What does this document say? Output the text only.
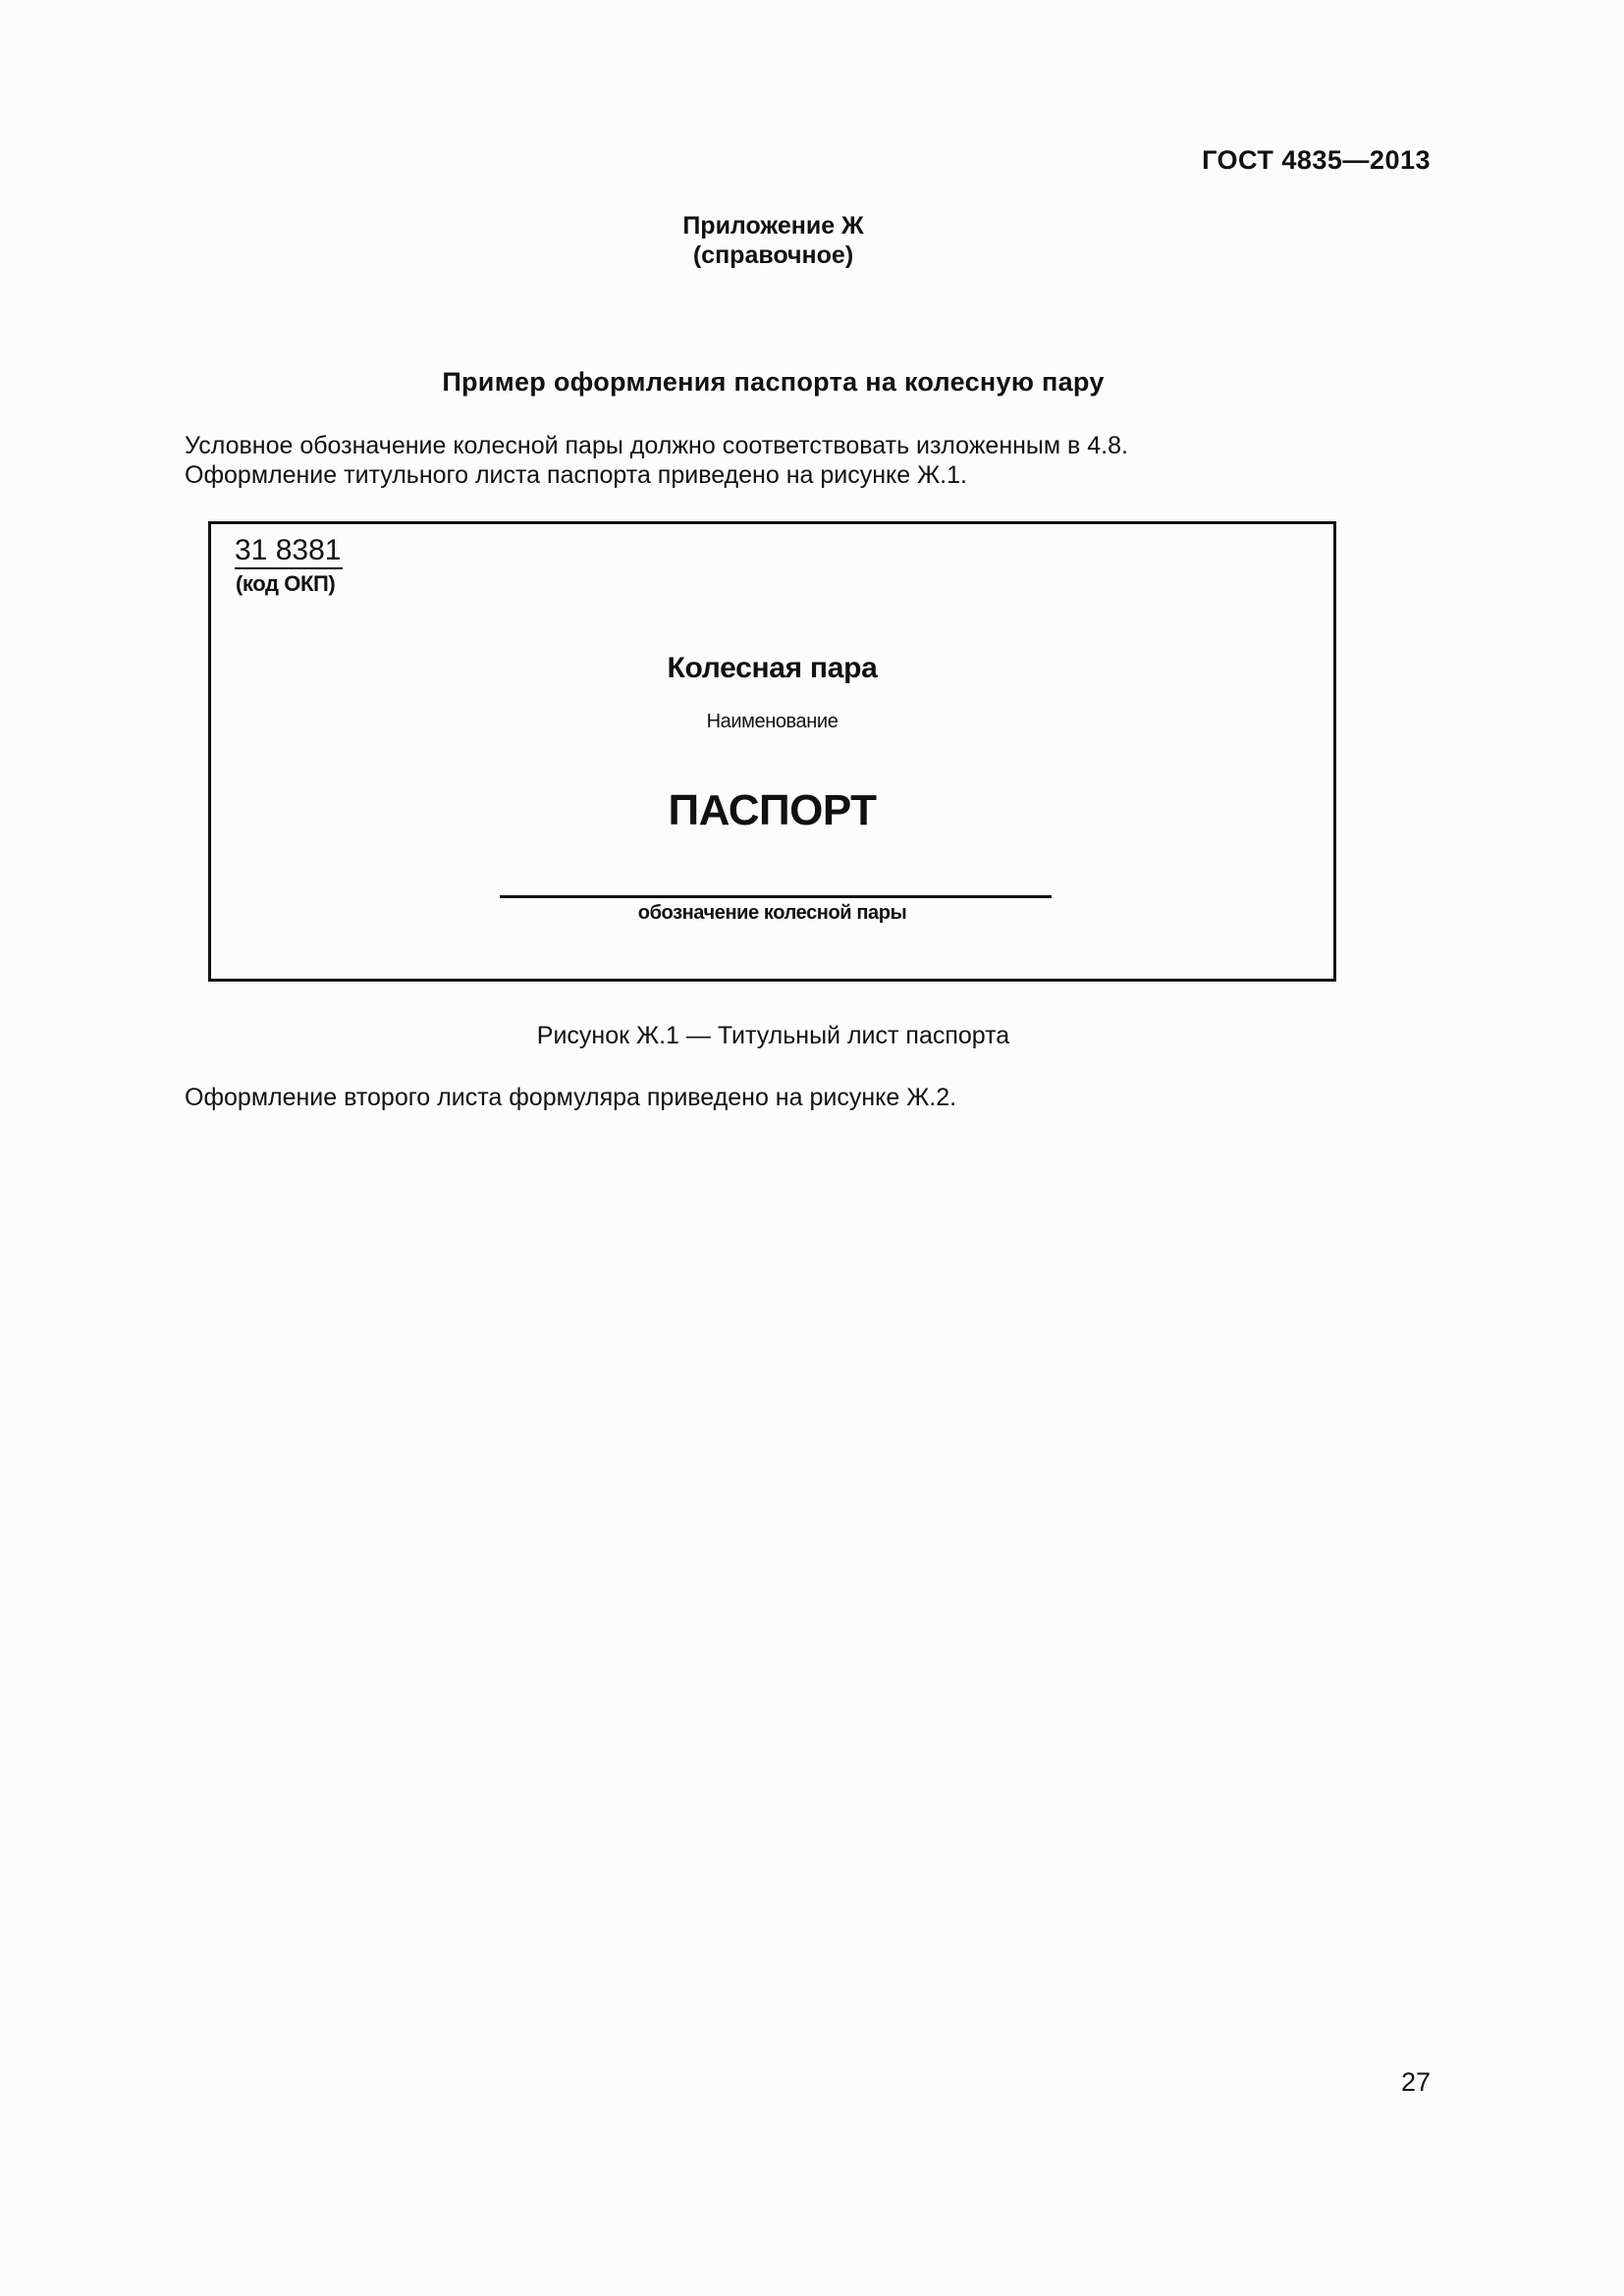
ГОСТ 4835—2013
Приложение Ж
(справочное)
Пример оформления паспорта на колесную пару

Условное обозначение колесной пары должно соответствовать изложенным в 4.8.

Оформление титульного листа паспорта приведено на рисунке Ж.1.

31 8381
(код ОКП)
Колесная пара
Наименование
ПАСПОРТ
обозначение колесной пары
Рисунок Ж.1 — Титульный лист паспорта

Оформление второго листа формуляра приведено на рисунке Ж.2.

27
